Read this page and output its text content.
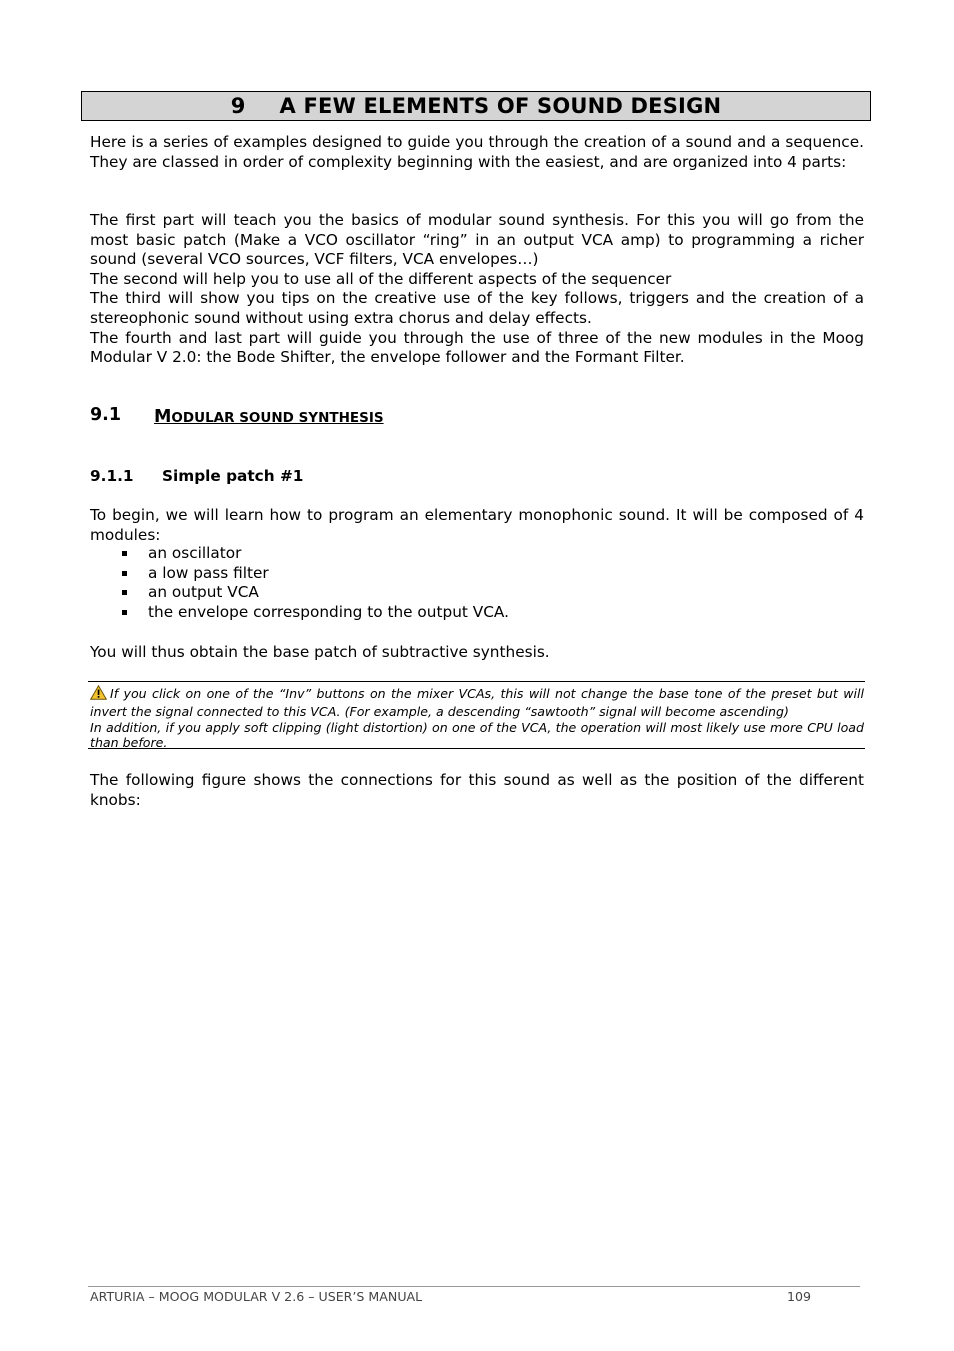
9 A FEW ELEMENTS OF SOUND DESIGN

Here is a series of examples designed to guide you through the creation of a sound and a sequence. They are classed in order of complexity beginning with the easiest, and are organized into 4 parts:

The first part will teach you the basics of modular sound synthesis. For this you will go from the most basic patch (Make a VCO oscillator “ring” in an output VCA amp) to programming a richer sound (several VCO sources, VCF filters, VCA envelopes…)

The second will help you to use all of the different aspects of the sequencer

The third will show you tips on the creative use of the key follows, triggers and the creation of a stereophonic sound without using extra chorus and delay effects.

The fourth and last part will guide you through the use of three of the new modules in the Moog Modular V 2.0: the Bode Shifter, the envelope follower and the Formant Filter.

9.1 MODULAR SOUND SYNTHESIS
9.1.1 Simple patch #1

To begin, we will learn how to program an elementary monophonic sound. It will be composed of 4 modules:

an oscillator
a low pass filter
an output VCA
the envelope corresponding to the output VCA.

You will thus obtain the base patch of subtractive synthesis.

If you click on one of the “Inv” buttons on the mixer VCAs, this will not change the base tone of the preset but will invert the signal connected to this VCA. (For example, a descending “sawtooth” signal will become ascending)

In addition, if you apply soft clipping (light distortion) on one of the VCA, the operation will most likely use more CPU load than before.

The following figure shows the connections for this sound as well as the position of the different knobs:

ARTURIA – MOOG MODULAR V 2.6 – USER’S MANUAL	109
